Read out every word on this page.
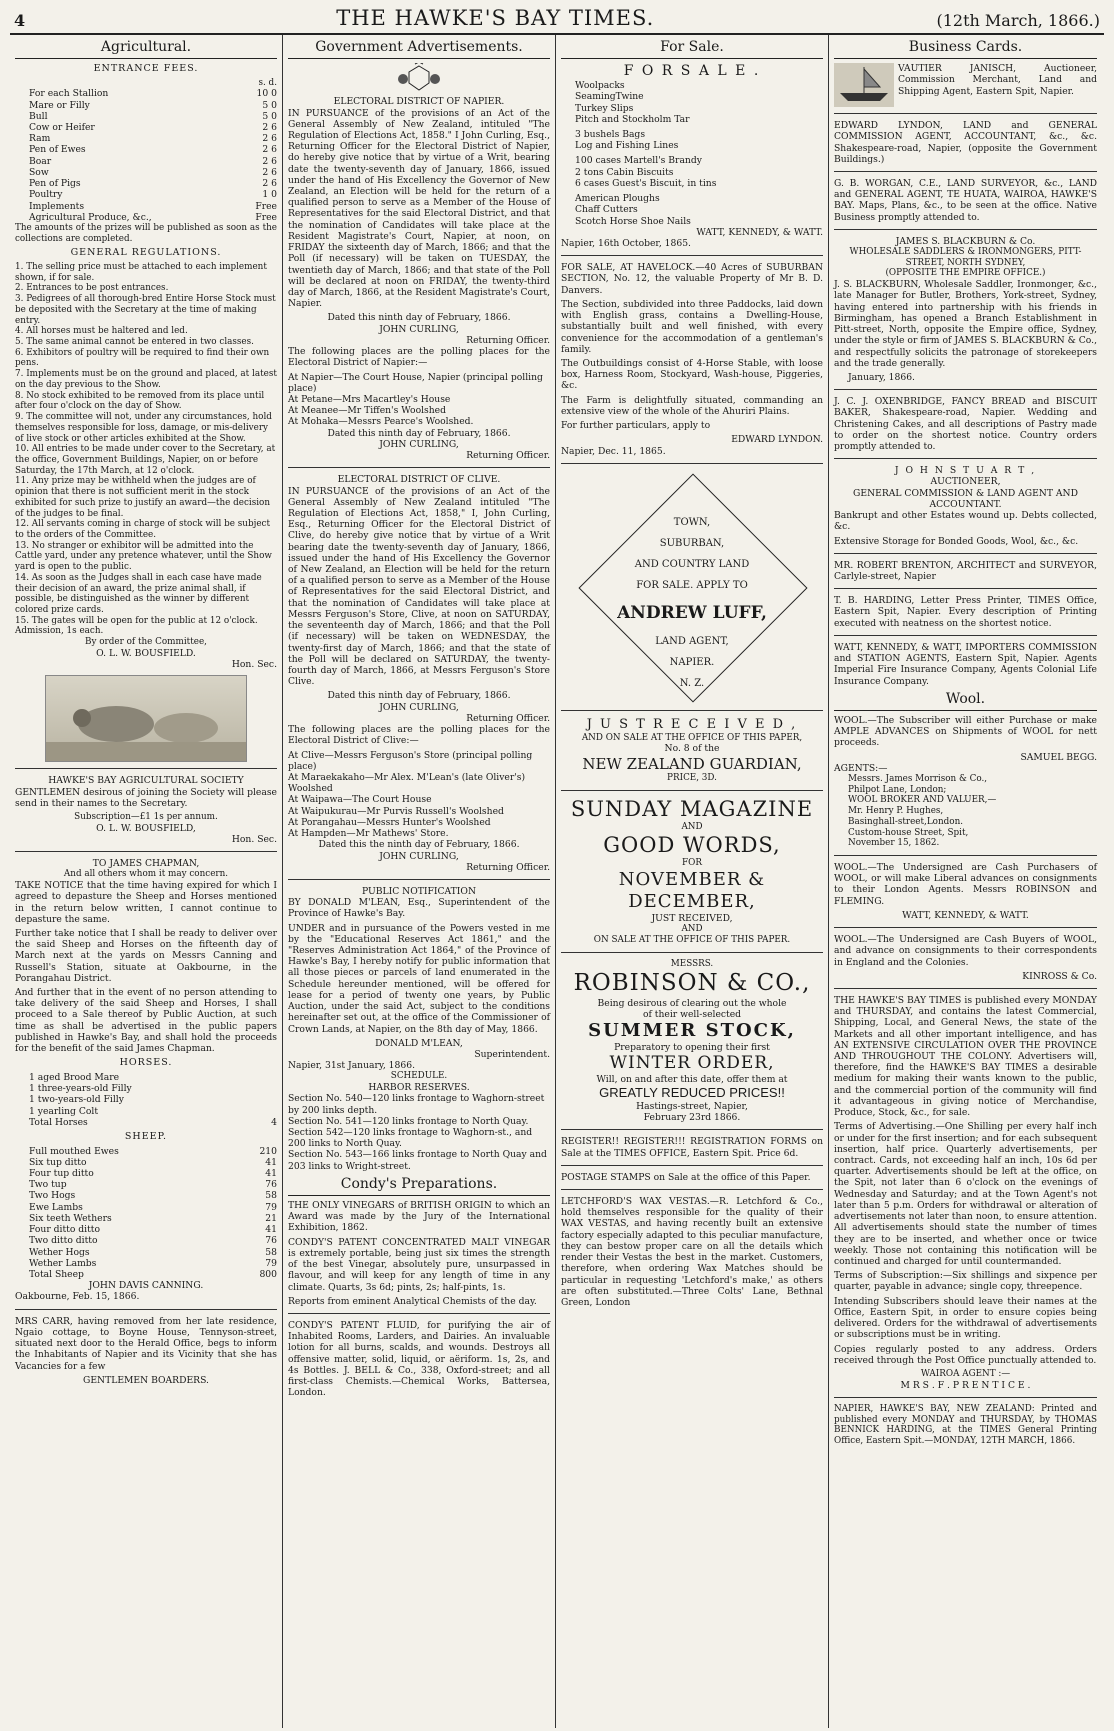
4	THE HAWKE'S BAY TIMES.	(12th March, 1866.)
Agricultural.
ENTRANCE FEES.
s. d.
For each Stallion	10 0
Mare or Filly	5 0
Bull	5 0
Cow or Heifer	2 6
Ram	2 6
Pen of Ewes	2 6
Boar	2 6
Sow	2 6
Pen of Pigs	2 6
Poultry	1 0
Implements	Free
Agricultural Produce, &c.,	Free

The amounts of the prizes will be published as soon as the collections are completed.

GENERAL REGULATIONS.
1. The selling price must be attached to each implement shown, if for sale.
2. Entrances to be post entrances.
3. Pedigrees of all thorough-bred Entire Horse Stock must be deposited with the Secretary at the time of making entry.
4. All horses must be haltered and led.
5. The same animal cannot be entered in two classes.
6. Exhibitors of poultry will be required to find their own pens.
7. Implements must be on the ground and placed, at latest on the day previous to the Show.
8. No stock exhibited to be removed from its place until after four o'clock on the day of Show.
9. The committee will not, under any circumstances, hold themselves responsible for loss, damage, or mis-delivery of live stock or other articles exhibited at the Show.
10. All entries to be made under cover to the Secretary, at the office, Government Buildings, Napier, on or before Saturday, the 17th March, at 12 o'clock.
11. Any prize may be withheld when the judges are of opinion that there is not sufficient merit in the stock exhibited for such prize to justify an award—the decision of the judges to be final.
12. All servants coming in charge of stock will be subject to the orders of the Committee.
13. No stranger or exhibitor will be admitted into the Cattle yard, under any pretence whatever, until the Show yard is open to the public.
14. As soon as the Judges shall in each case have made their decision of an award, the prize animal shall, if possible, be distinguished as the winner by different colored prize cards.
15. The gates will be open for the public at 12 o'clock. Admission, 1s each.
By order of the Committee,
O. L. W. BOUSFIELD.
Hon. Sec.
HAWKE'S BAY AGRICULTURAL SOCIETY

GENTLEMEN desirous of joining the Society will please send in their names to the Secretary.

Subscription—£1 1s per annum.
O. L. W. BOUSFIELD,
Hon. Sec.
TO JAMES CHAPMAN,
And all others whom it may concern.

TAKE NOTICE that the time having expired for which I agreed to depasture the Sheep and Horses mentioned in the return below written, I cannot continue to depasture the same.

Further take notice that I shall be ready to deliver over the said Sheep and Horses on the fifteenth day of March next at the yards on Messrs Canning and Russell's Station, situate at Oakbourne, in the Porangahau District.

And further that in the event of no person attending to take delivery of the said Sheep and Horses, I shall proceed to a Sale thereof by Public Auction, at such time as shall be advertised in the public papers published in Hawke's Bay, and shall hold the proceeds for the benefit of the said James Chapman.

HORSES.
1 aged Brood Mare
1 three-years-old Filly
1 two-years-old Filly
1 yearling Colt
Total Horses	4
SHEEP.
Full mouthed Ewes	210
Six tup ditto	41
Four tup ditto	41
Two tup	76
Two Hogs	58
Ewe Lambs	79
Six teeth Wethers	21
Four ditto ditto	41
Two ditto ditto	76
Wether Hogs	58
Wether Lambs	79
Total Sheep	800
JOHN DAVIS CANNING.
Oakbourne, Feb. 15, 1866.

MRS CARR, having removed from her late residence, Ngaio cottage, to Boyne House, Tennyson-street, situated next door to the Herald Office, begs to inform the Inhabitants of Napier and its Vicinity that she has Vacancies for a few

GENTLEMEN BOARDERS.
Government Advertisements.
ELECTORAL DISTRICT OF NAPIER.

IN PURSUANCE of the provisions of an Act of the General Assembly of New Zealand, intituled "The Regulation of Elections Act, 1858." I John Curling, Esq., Returning Officer for the Electoral District of Napier, do hereby give notice that by virtue of a Writ, bearing date the twenty-seventh day of January, 1866, issued under the hand of His Excellency the Governor of New Zealand, an Election will be held for the return of a qualified person to serve as a Member of the House of Representatives for the said Electoral District, and that the nomination of Candidates will take place at the Resident Magistrate's Court, Napier, at noon, on FRIDAY the sixteenth day of March, 1866; and that the Poll (if necessary) will be taken on TUESDAY, the twentieth day of March, 1866; and that state of the Poll will be declared at noon on FRIDAY, the twenty-third day of March, 1866, at the Resident Magistrate's Court, Napier.

Dated this ninth day of February, 1866.
JOHN CURLING,
Returning Officer.

The following places are the polling places for the Electoral District of Napier:—

At Napier—The Court House, Napier (principal polling place)
At Petane—Mrs Macartley's House
At Meanee—Mr Tiffen's Woolshed
At Mohaka—Messrs Pearce's Woolshed.
Dated this ninth day of February, 1866.
JOHN CURLING,
Returning Officer.
ELECTORAL DISTRICT OF CLIVE.

IN PURSUANCE of the provisions of an Act of the General Assembly of New Zealand intituled "The Regulation of Elections Act, 1858," I, John Curling, Esq., Returning Officer for the Electoral District of Clive, do hereby give notice that by virtue of a Writ bearing date the twenty-seventh day of January, 1866, issued under the hand of His Excellency the Governor of New Zealand, an Election will be held for the return of a qualified person to serve as a Member of the House of Representatives for the said Electoral District, and that the nomination of Candidates will take place at Messrs Ferguson's Store, Clive, at noon on SATURDAY, the seventeenth day of March, 1866; and that the Poll (if necessary) will be taken on WEDNESDAY, the twenty-first day of March, 1866; and that the state of the Poll will be declared on SATURDAY, the twenty-fourth day of March, 1866, at Messrs Ferguson's Store Clive.

Dated this ninth day of February, 1866.
JOHN CURLING,
Returning Officer.

The following places are the polling places for the Electoral District of Clive:—

At Clive—Messrs Ferguson's Store (principal polling place)
At Maraekakaho—Mr Alex. M'Lean's (late Oliver's) Woolshed
At Waipawa—The Court House
At Waipukurau—Mr Purvis Russell's Woolshed
At Porangahau—Messrs Hunter's Woolshed
At Hampden—Mr Mathews' Store.
Dated this the ninth day of February, 1866.
JOHN CURLING,
Returning Officer.
PUBLIC NOTIFICATION

BY DONALD M'LEAN, Esq., Superintendent of the Province of Hawke's Bay.

UNDER and in pursuance of the Powers vested in me by the "Educational Reserves Act 1861," and the "Reserves Administration Act 1864," of the Province of Hawke's Bay, I hereby notify for public information that all those pieces or parcels of land enumerated in the Schedule hereunder mentioned, will be offered for lease for a period of twenty one years, by Public Auction, under the said Act, subject to the conditions hereinafter set out, at the office of the Commissioner of Crown Lands, at Napier, on the 8th day of May, 1866.

DONALD M'LEAN,
Superintendent.
Napier, 31st January, 1866.
SCHEDULE.
HARBOR RESERVES.
Section No. 540—120 links frontage to Waghorn-street by 200 links depth.
Section No. 541—120 links frontage to North Quay.
Section 542—120 links frontage to Waghorn-st., and 200 links to North Quay.
Section No. 543—166 links frontage to North Quay and 203 links to Wright-street.
Condy's Preparations.

THE ONLY VINEGARS of BRITISH ORIGIN to which an Award was made by the Jury of the International Exhibition, 1862.

CONDY'S PATENT CONCENTRATED MALT VINEGAR is extremely portable, being just six times the strength of the best Vinegar, absolutely pure, unsurpassed in flavour, and will keep for any length of time in any climate. Quarts, 3s 6d; pints, 2s; half-pints, 1s.

Reports from eminent Analytical Chemists of the day.

CONDY'S PATENT FLUID, for purifying the air of Inhabited Rooms, Larders, and Dairies. An invaluable lotion for all burns, scalds, and wounds. Destroys all offensive matter, solid, liquid, or aëriform. 1s, 2s, and 4s Bottles. J. BELL & Co., 338, Oxford-street; and all first-class Chemists.—Chemical Works, Battersea, London.

For Sale.
F O R S A L E .
Woolpacks
SeamingTwine
Turkey Slips
Pitch and Stockholm Tar
3 bushels Bags
Log and Fishing Lines
100 cases Martell's Brandy
2 tons Cabin Biscuits
6 cases Guest's Biscuit, in tins
American Ploughs
Chaff Cutters
Scotch Horse Shoe Nails
WATT, KENNEDY, & WATT.
Napier, 16th October, 1865.

FOR SALE, AT HAVELOCK.—40 Acres of SUBURBAN SECTION, No. 12, the valuable Property of Mr B. D. Danvers.

The Section, subdivided into three Paddocks, laid down with English grass, contains a Dwelling-House, substantially built and well finished, with every convenience for the accommodation of a gentleman's family.

The Outbuildings consist of 4-Horse Stable, with loose box, Harness Room, Stockyard, Wash-house, Piggeries, &c.

The Farm is delightfully situated, commanding an extensive view of the whole of the Ahuriri Plains.

For further particulars, apply to

EDWARD LYNDON.
Napier, Dec. 11, 1865.
TOWN,
SUBURBAN,
AND COUNTRY LAND
FOR SALE. APPLY TO
ANDREW LUFF,
LAND AGENT,
NAPIER.
N. Z.
J U S T R E C E I V E D ,
AND ON SALE AT THE OFFICE OF THIS PAPER,
No. 8 of the
NEW ZEALAND GUARDIAN,
PRICE, 3D.
SUNDAY MAGAZINE
AND
GOOD WORDS,
FOR
NOVEMBER & DECEMBER,
JUST RECEIVED,
AND
ON SALE AT THE OFFICE OF THIS PAPER.
MESSRS.
ROBINSON & CO.,
Being desirous of clearing out the whole
of their well-selected
SUMMER STOCK,
Preparatory to opening their first
WINTER ORDER,
Will, on and after this date, offer them at
GREATLY REDUCED PRICES!!
Hastings-street, Napier,
February 23rd 1866.

REGISTER!! REGISTER!!! REGISTRATION FORMS on Sale at the TIMES OFFICE, Eastern Spit. Price 6d.

POSTAGE STAMPS on Sale at the office of this Paper.

LETCHFORD'S WAX VESTAS.—R. Letchford & Co., hold themselves responsible for the quality of their WAX VESTAS, and having recently built an extensive factory especially adapted to this peculiar manufacture, they can bestow proper care on all the details which render their Vestas the best in the market. Customers, therefore, when ordering Wax Matches should be particular in requesting 'Letchford's make,' as others are often substituted.—Three Colts' Lane, Bethnal Green, London

Business Cards.

VAUTIER JANISCH, Auctioneer, Commission Merchant, Land and Shipping Agent, Eastern Spit, Napier.

EDWARD LYNDON, LAND and GENERAL COMMISSION AGENT, ACCOUNTANT, &c., &c. Shakespeare-road, Napier, (opposite the Government Buildings.)

G. B. WORGAN, C.E., LAND SURVEYOR, &c., LAND and GENERAL AGENT, TE HUATA, WAIROA, HAWKE'S BAY. Maps, Plans, &c., to be seen at the office. Native Business promptly attended to.

JAMES S. BLACKBURN & Co.
WHOLESALE SADDLERS & IRONMONGERS, PITT-STREET, NORTH SYDNEY,
(OPPOSITE THE EMPIRE OFFICE.)

J. S. BLACKBURN, Wholesale Saddler, Ironmonger, &c., late Manager for Butler, Brothers, York-street, Sydney, having entered into partnership with his friends in Birmingham, has opened a Branch Establishment in Pitt-street, North, opposite the Empire office, Sydney, under the style or firm of JAMES S. BLACKBURN & Co., and respectfully solicits the patronage of storekeepers and the trade generally.

January, 1866.

J. C. J. OXENBRIDGE, FANCY BREAD and BISCUIT BAKER, Shakespeare-road, Napier. Wedding and Christening Cakes, and all descriptions of Pastry made to order on the shortest notice. Country orders promptly attended to.

J O H N S T U A R T ,
AUCTIONEER,
GENERAL COMMISSION & LAND AGENT AND ACCOUNTANT.

Bankrupt and other Estates wound up. Debts collected, &c.

Extensive Storage for Bonded Goods, Wool, &c., &c.

MR. ROBERT BRENTON, ARCHITECT and SURVEYOR, Carlyle-street, Napier

T. B. HARDING, Letter Press Printer, TIMES Office, Eastern Spit, Napier. Every description of Printing executed with neatness on the shortest notice.

WATT, KENNEDY, & WATT, IMPORTERS COMMISSION and STATION AGENTS, Eastern Spit, Napier. Agents Imperial Fire Insurance Company, Agents Colonial Life Insurance Company.

Wool.

WOOL.—The Subscriber will either Purchase or make AMPLE ADVANCES on Shipments of WOOL for nett proceeds.

SAMUEL BEGG.
AGENTS:—
Messrs. James Morrison & Co.,
Philpot Lane, London;
WOOL BROKER AND VALUER,—
Mr. Henry P. Hughes,
Basinghall-street,London.
Custom-house Street, Spit,
November 15, 1862.

WOOL.—The Undersigned are Cash Purchasers of WOOL, or will make Liberal advances on consignments to their London Agents. Messrs ROBINSON and FLEMING.

WATT, KENNEDY, & WATT.

WOOL.—The Undersigned are Cash Buyers of WOOL, and advance on consignments to their correspondents in England and the Colonies.

KINROSS & Co.

THE HAWKE'S BAY TIMES is published every MONDAY and THURSDAY, and contains the latest Commercial, Shipping, Local, and General News, the state of the Markets and all other important intelligence, and has AN EXTENSIVE CIRCULATION OVER THE PROVINCE AND THROUGHOUT THE COLONY. Advertisers will, therefore, find the HAWKE'S BAY TIMES a desirable medium for making their wants known to the public, and the commercial portion of the community will find it advantageous in giving notice of Merchandise, Produce, Stock, &c., for sale.

Terms of Advertising.—One Shilling per every half inch or under for the first insertion; and for each subsequent insertion, half price. Quarterly advertisements, per contract. Cards, not exceeding half an inch, 10s 6d per quarter. Advertisements should be left at the office, on the Spit, not later than 6 o'clock on the evenings of Wednesday and Saturday; and at the Town Agent's not later than 5 p.m. Orders for withdrawal or alteration of advertisements not later than noon, to ensure attention. All advertisements should state the number of times they are to be inserted, and whether once or twice weekly. Those not containing this notification will be continued and charged for until countermanded.

Terms of Subscription:—Six shillings and sixpence per quarter, payable in advance; single copy, threepence.

Intending Subscribers should leave their names at the Office, Eastern Spit, in order to ensure copies being delivered. Orders for the withdrawal of advertisements or subscriptions must be in writing.

Copies regularly posted to any address. Orders received through the Post Office punctually attended to.

WAIROA AGENT :—
M R S . F . P R E N T I C E .

NAPIER, HAWKE'S BAY, NEW ZEALAND: Printed and published every MONDAY and THURSDAY, by THOMAS BENNICK HARDING, at the TIMES General Printing Office, Eastern Spit.—MONDAY, 12TH MARCH, 1866.
